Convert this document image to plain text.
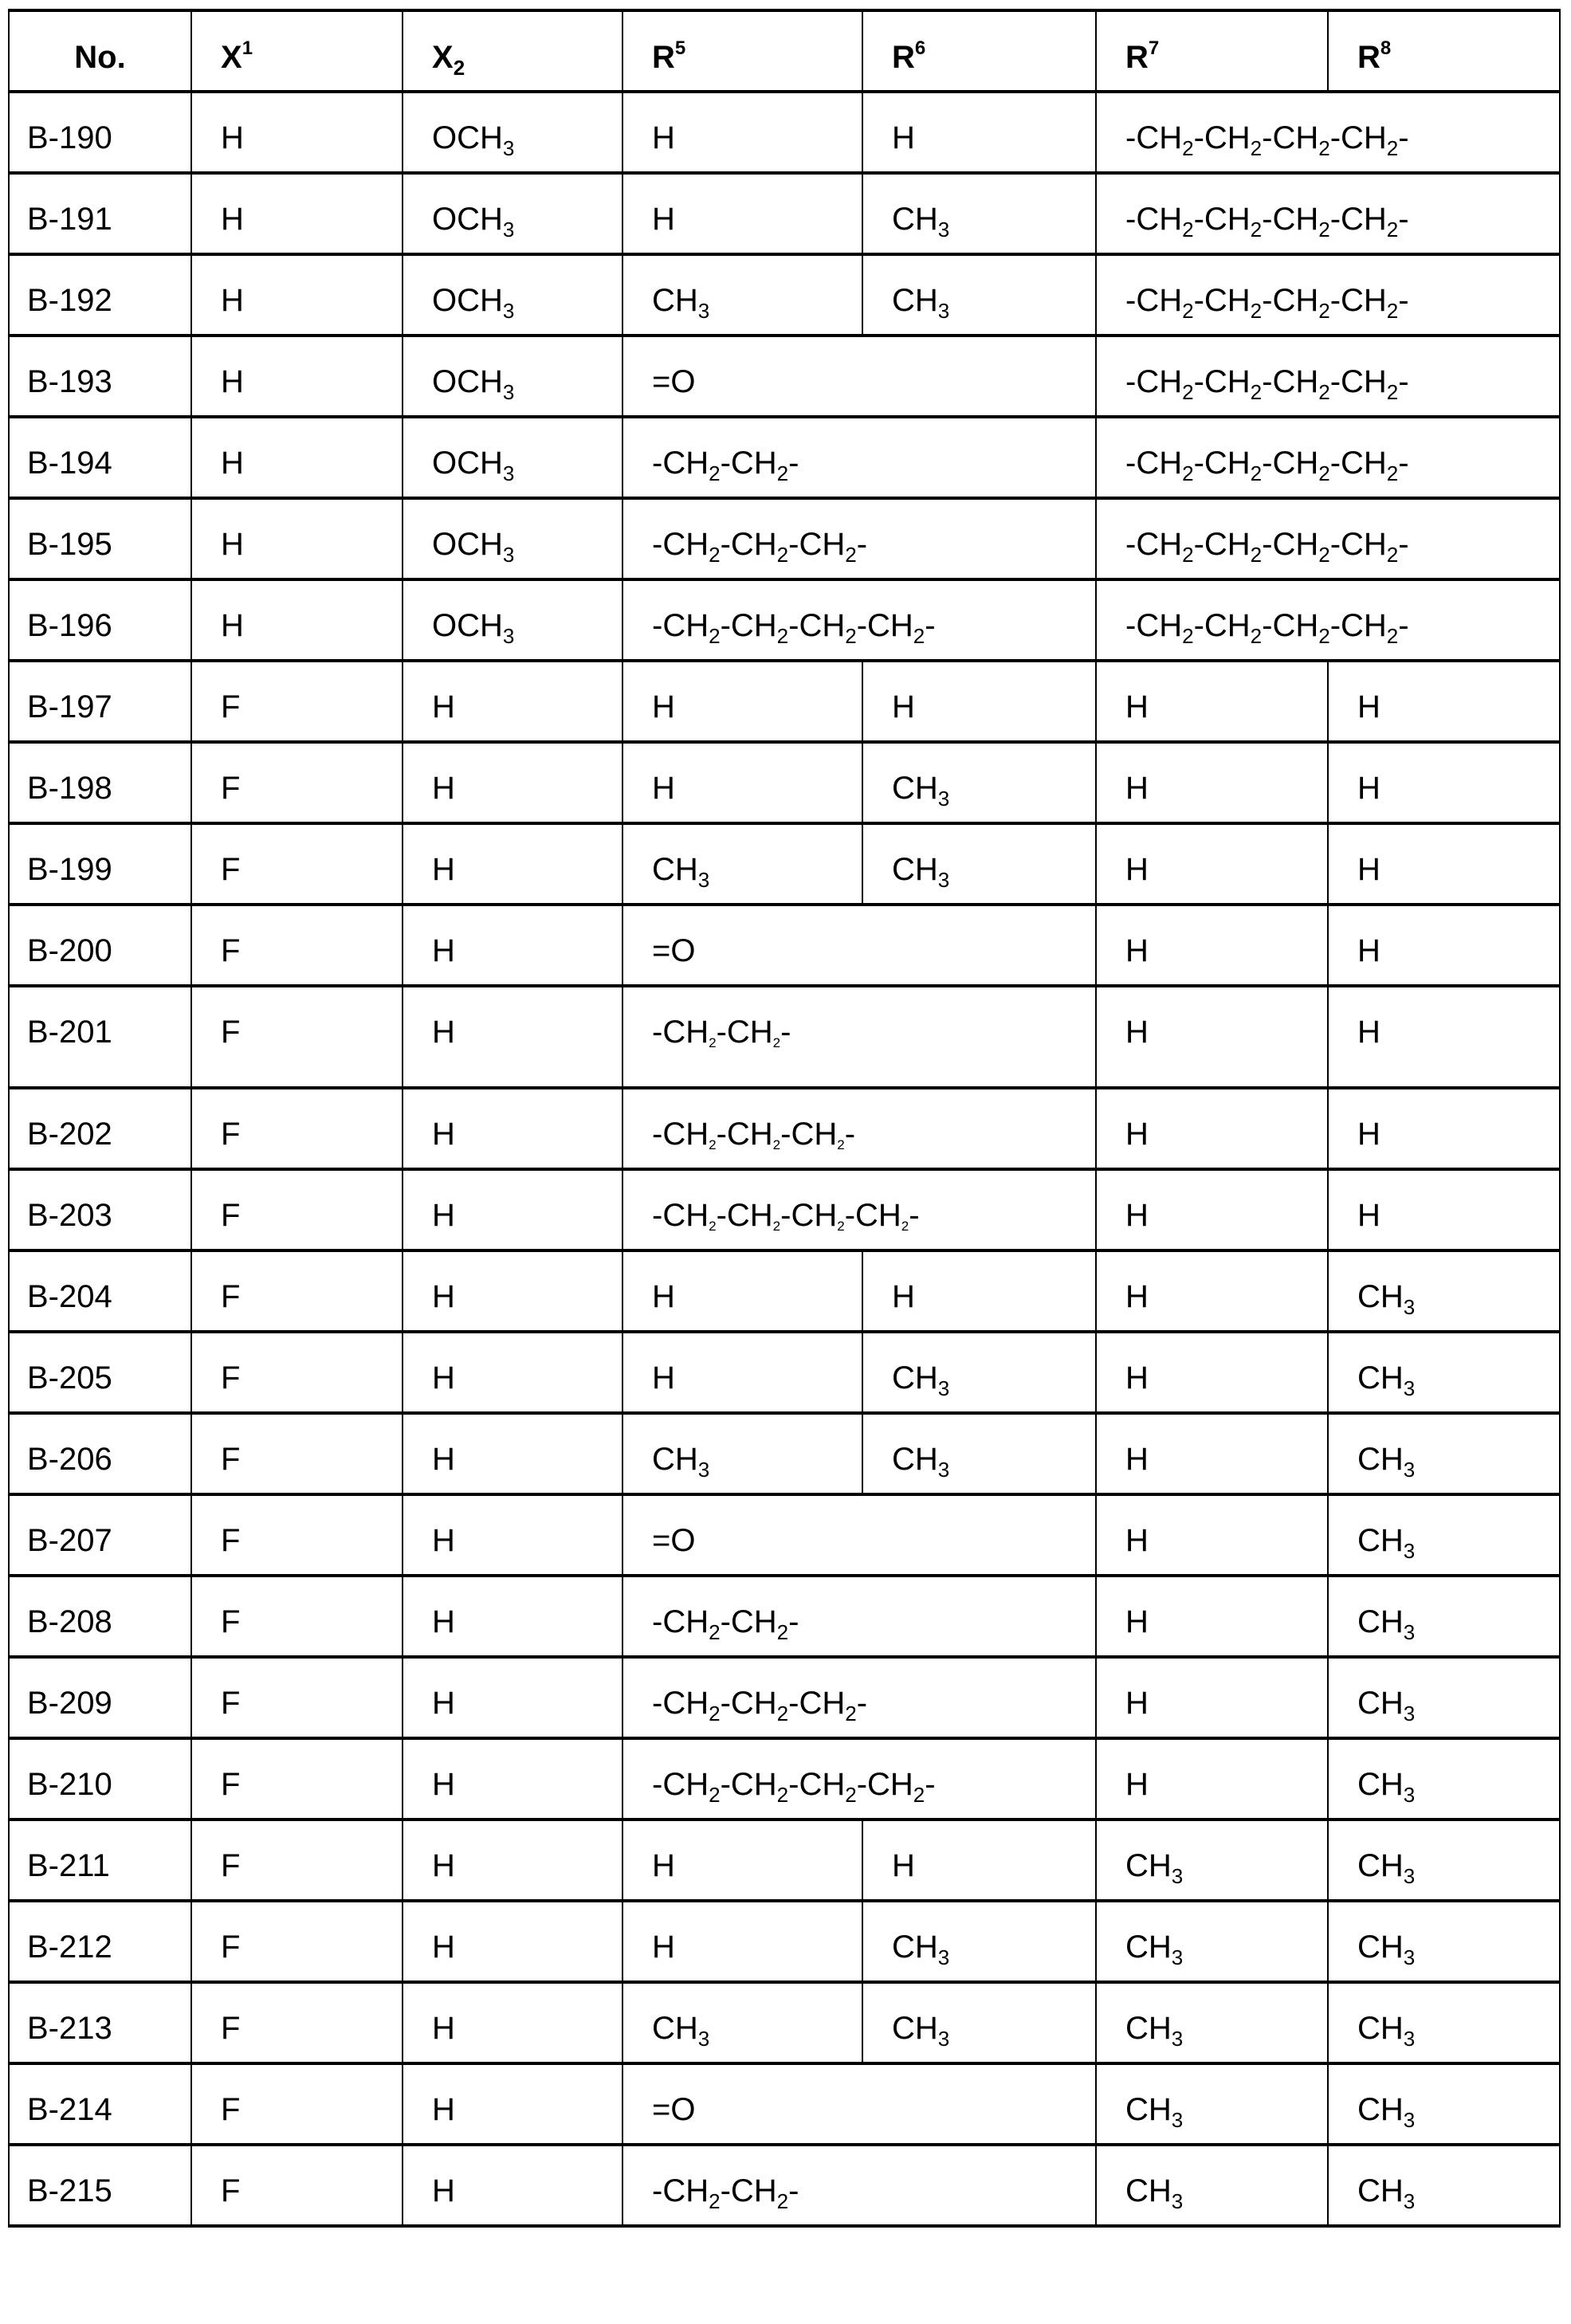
No.	$X^1$	$X_2$	$R^5$	$R^6$	$R^7$	$R^8$
B-190	H	$OCH_3$	H	H	$-CH_2-CH_2-CH_2-CH_2-$	
B-191	H	$OCH_3$	H	$CH_3$	$-CH_2-CH_2-CH_2-CH_2-$	
B-192	H	$OCH_3$	$CH_3$	$CH_3$	$-CH_2-CH_2-CH_2-CH_2-$	
B-193	H	$OCH_3$	=O		$-CH_2-CH_2-CH_2-CH_2-$	
B-194	H	$OCH_3$	$-CH_2-CH_2-$		$-CH_2-CH_2-CH_2-CH_2-$	
B-195	H	$OCH_3$	$-CH_2-CH_2-CH_2-$		$-CH_2-CH_2-CH_2-CH_2-$	
B-196	H	$OCH_3$	$-CH_2-CH_2-CH_2-CH_2-$		$-CH_2-CH_2-CH_2-CH_2-$	
B-197	F	H	H	H	H	H
B-198	F	H	H	$CH_3$	H	H
B-199	F	H	$CH_3$	$CH_3$	H	H
B-200	F	H	=O		H	H
B-201	F	H	$-CH_2-CH_2-$		H	H
B-202	F	H	$-CH_2-CH_2-CH_2-$		H	H
B-203	F	H	$-CH_2-CH_2-CH_2-CH_2-$		H	H
B-204	F	H	H	H	H	$CH_3$
B-205	F	H	H	$CH_3$	H	$CH_3$
B-206	F	H	$CH_3$	$CH_3$	H	$CH_3$
B-207	F	H	=O		H	$CH_3$
B-208	F	H	$-CH_2-CH_2-$		H	$CH_3$
B-209	F	H	$-CH_2-CH_2-CH_2-$		H	$CH_3$
B-210	F	H	$-CH_2-CH_2-CH_2-CH_2-$		H	$CH_3$
B-211	F	H	H	H	$CH_3$	$CH_3$
B-212	F	H	H	$CH_3$	$CH_3$	$CH_3$
B-213	F	H	$CH_3$	$CH_3$	$CH_3$	$CH_3$
B-214	F	H	=O		$CH_3$	$CH_3$
B-215	F	H	$-CH_2-CH_2-$		$CH_3$	$CH_3$
